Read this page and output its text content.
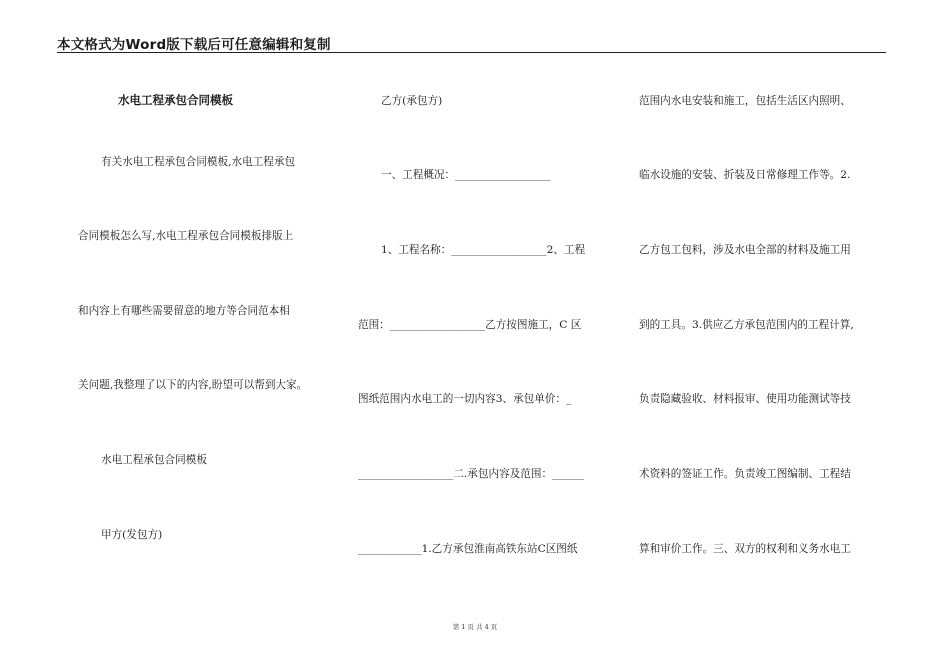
本文格式为Word版下载后可任意编辑和复制
水电工程承包合同模板
有关水电工程承包合同模板,水电工程承包
合同模板怎么写,水电工程承包合同模板排版上
和内容上有哪些需要留意的地方等合同范本相
关问题,我整理了以下的内容,盼望可以帮到大家。
水电工程承包合同模板
甲方(发包方)
乙方(承包方)
一、工程概况：__________________
1、工程名称：__________________2、工程
范围：__________________乙方按图施工，C 区
图纸范围内水电工的一切内容3、承包单价：_
__________________二.承包内容及范围：______
____________1.乙方承包淮南高铁东站C区图纸
范围内水电安装和施工，包括生活区内照明、
临水设施的安装、折装及日常修理工作等。2.
乙方包工包料，涉及水电全部的材料及施工用
到的工具。3.供应乙方承包范围内的工程计算,
负责隐藏验收、材料报审、使用功能测试等技
术资料的签证工作。负责竣工图编制、工程结
算和审价工作。三、双方的权利和义务水电工
第 1 页 共 4 页
